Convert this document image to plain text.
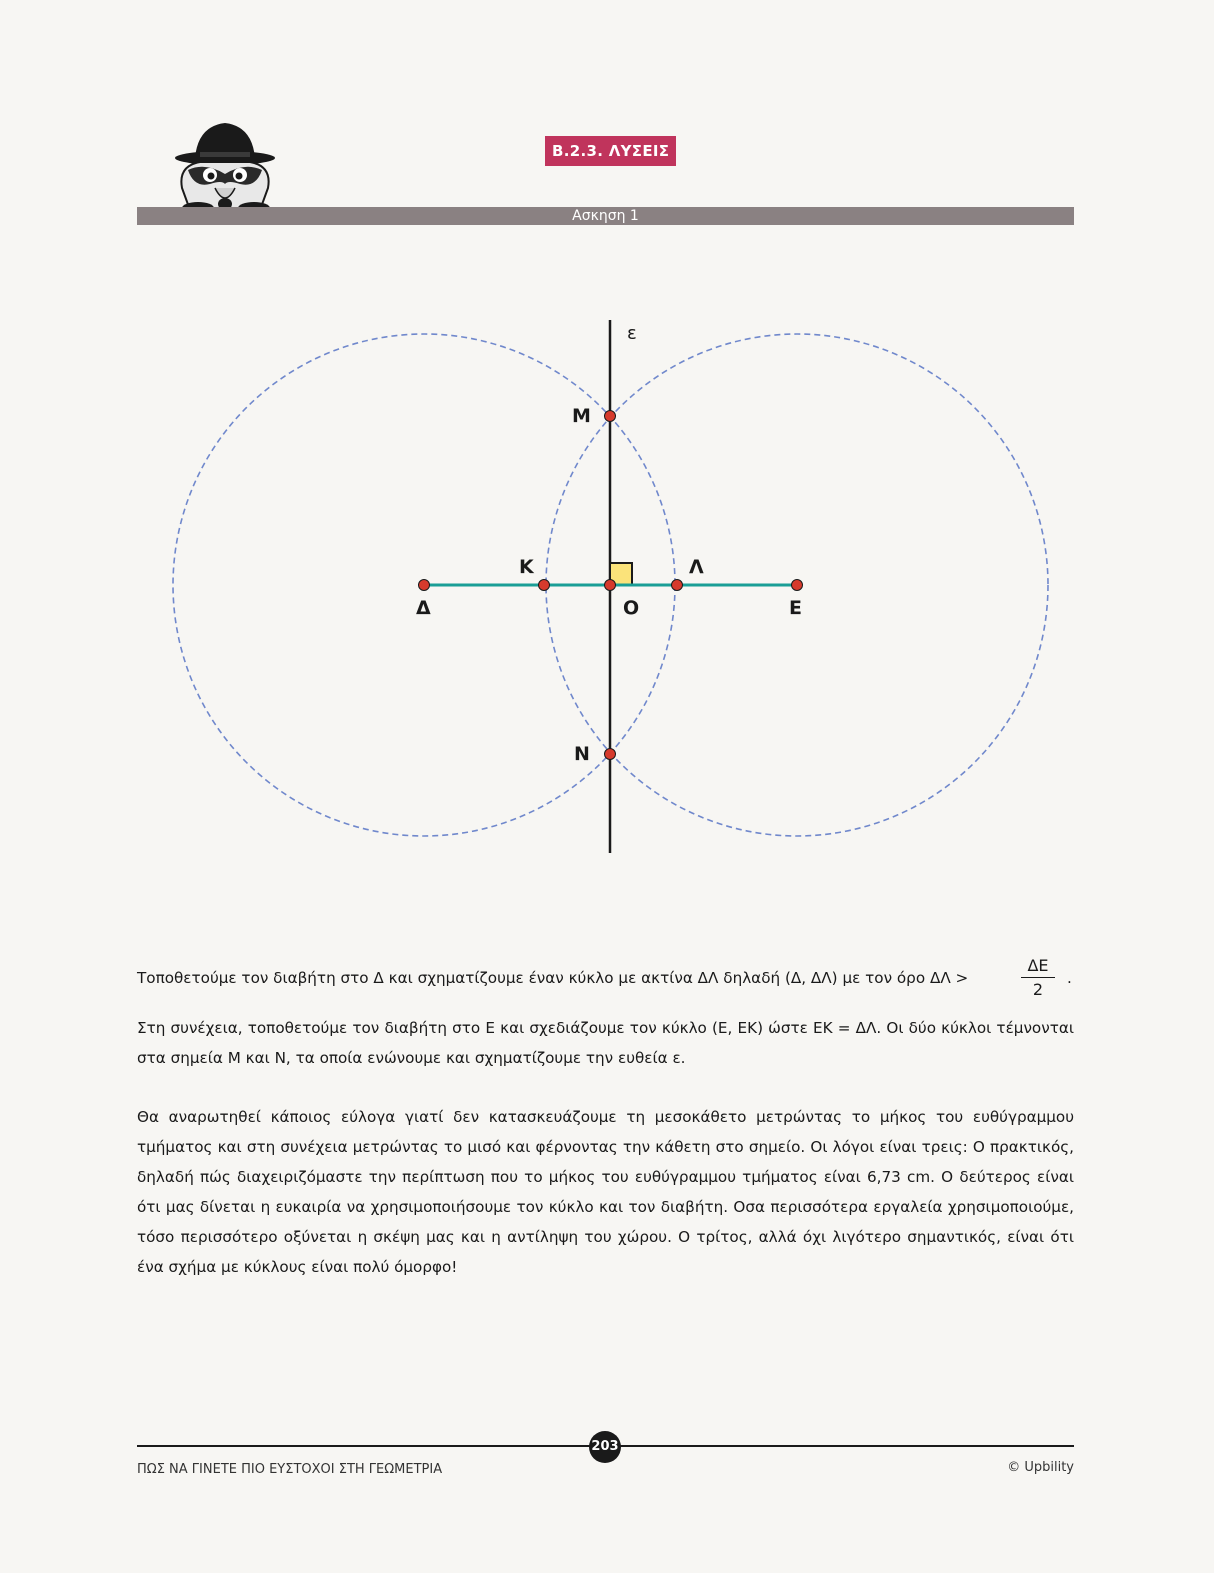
Β.2.3. ΛΥΣΕΙΣ
Ασκηση 1
ε
Μ
Ν
Κ	Λ
Δ	Ο	Ε
Τοποθετούμε τον διαβήτη στο Δ και σχηματίζουμε έναν κύκλο με ακτίνα ΔΛ δηλαδή (Δ, ΔΛ) με τον όρο ΔΛ >	$\frac{\Delta E}{2}$ .
Στη συνέχεια, τοποθετούμε τον διαβήτη στο Ε και σχεδιάζουμε τον κύκλο (Ε, ΕΚ) ώστε ΕΚ = ΔΛ. Οι δύο κύκλοι τέμνονται στα σημεία Μ και Ν, τα οποία ενώνουμε και σχηματίζουμε την ευθεία ε.
Θα αναρωτηθεί κάποιος εύλογα γιατί δεν κατασκευάζουμε τη μεσοκάθετο μετρώντας το μήκος του ευθύγραμμου τμήματος και στη συνέχεια μετρώντας το μισό και φέρνοντας την κάθετη στο σημείο. Οι λόγοι είναι τρεις: Ο πρακτικός, δηλαδή πώς διαχειριζόμαστε την περίπτωση που το μήκος του ευθύγραμμου τμήματος είναι 6,73 cm. Ο δεύτερος είναι ότι μας δίνεται η ευκαιρία να χρησιμοποιήσουμε τον κύκλο και τον διαβήτη. Οσα περισσότερα εργαλεία χρησιμοποιούμε, τόσο περισσότερο οξύνεται η σκέψη μας και η αντίληψη του χώρου. Ο τρίτος, αλλά όχι λιγότερο σημαντικός, είναι ότι ένα σχήμα με κύκλους είναι πολύ όμορφο!
203
ΠΩΣ ΝΑ ΓΙΝΕΤΕ ΠΙΟ ΕΥΣΤΟΧΟΙ ΣΤΗ ΓΕΩΜΕΤΡΙΑ	© Upbility
